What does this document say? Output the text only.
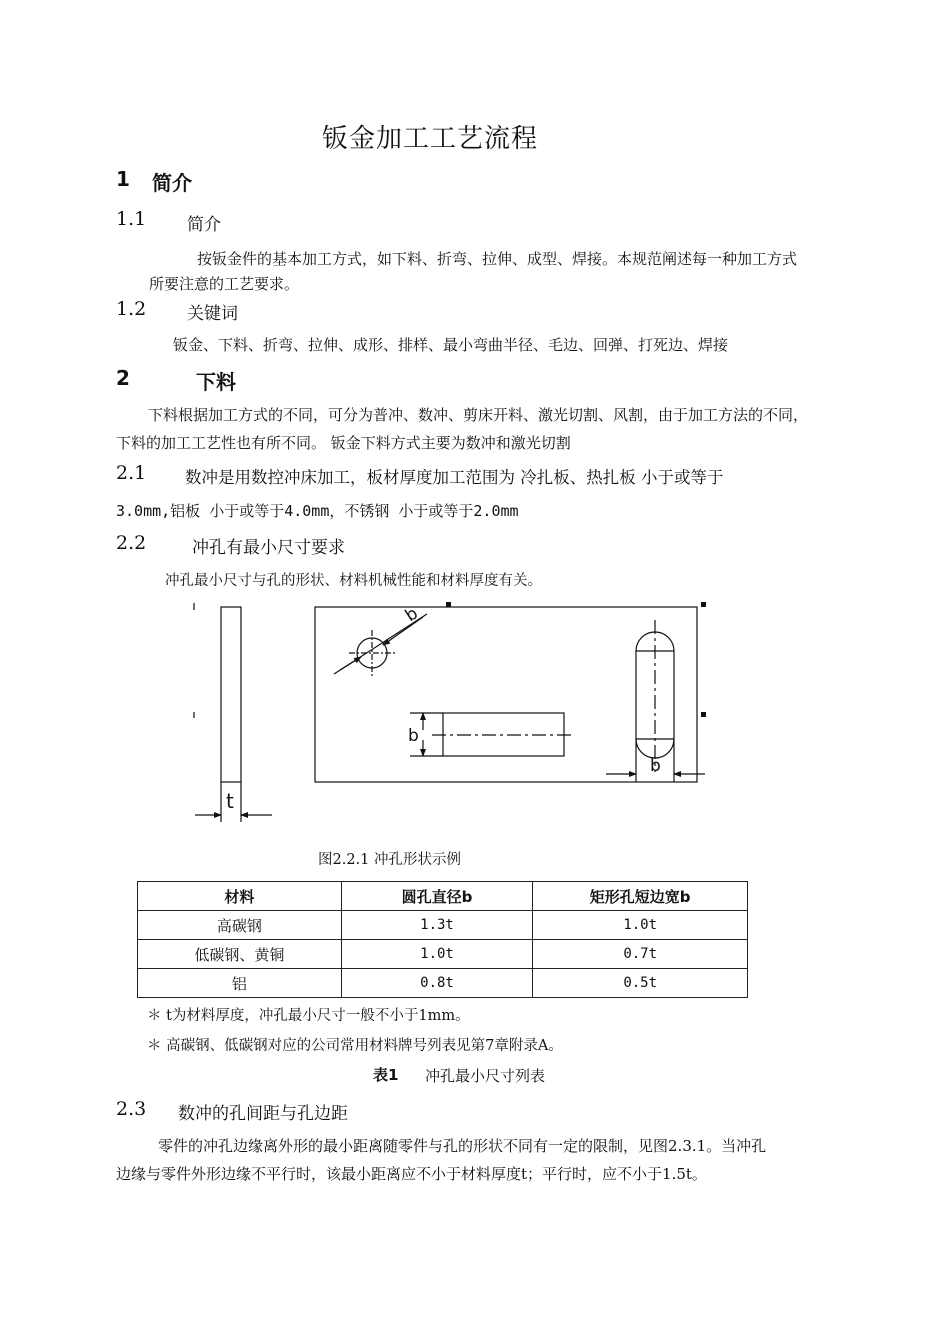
钣金加工工艺流程
1 简介
1.1 简介
按钣金件的基本加工方式，如下料、折弯、拉伸、成型、焊接。本规范阐述每一种加工方式
所要注意的工艺要求。
1.2 关键词
钣金、下料、折弯、拉伸、成形、排样、最小弯曲半径、毛边、回弹、打死边、焊接
2	下料
下料根据加工方式的不同，可分为普冲、数冲、剪床开料、激光切割、风割，由于加工方法的不同，
下料的加工工艺性也有所不同。 钣金下料方式主要为数冲和激光切割
2.1 数冲是用数控冲床加工，板材厚度加工范围为 冷扎板、热扎板 小于或等于
3.0mm,铝板 小于或等于4.0mm，不锈钢 小于或等于2.0mm
2.2	冲孔有最小尺寸要求
冲孔最小尺寸与孔的形状、材料机械性能和材料厚度有关。
t
b
b
b
图2.2.1 冲孔形状示例
材料	圆孔直径b	矩形孔短边宽b
高碳钢	1.3t	1.0t
低碳钢、黄铜	1.0t	0.7t
铝	0.8t	0.5t
＊ t为材料厚度，冲孔最小尺寸一般不小于1mm。
＊ 高碳钢、低碳钢对应的公司常用材料牌号列表见第7章附录A。
表1 冲孔最小尺寸列表
2.3 数冲的孔间距与孔边距
零件的冲孔边缘离外形的最小距离随零件与孔的形状不同有一定的限制，见图2.3.1。当冲孔
边缘与零件外形边缘不平行时，该最小距离应不小于材料厚度t；平行时，应不小于1.5t。
